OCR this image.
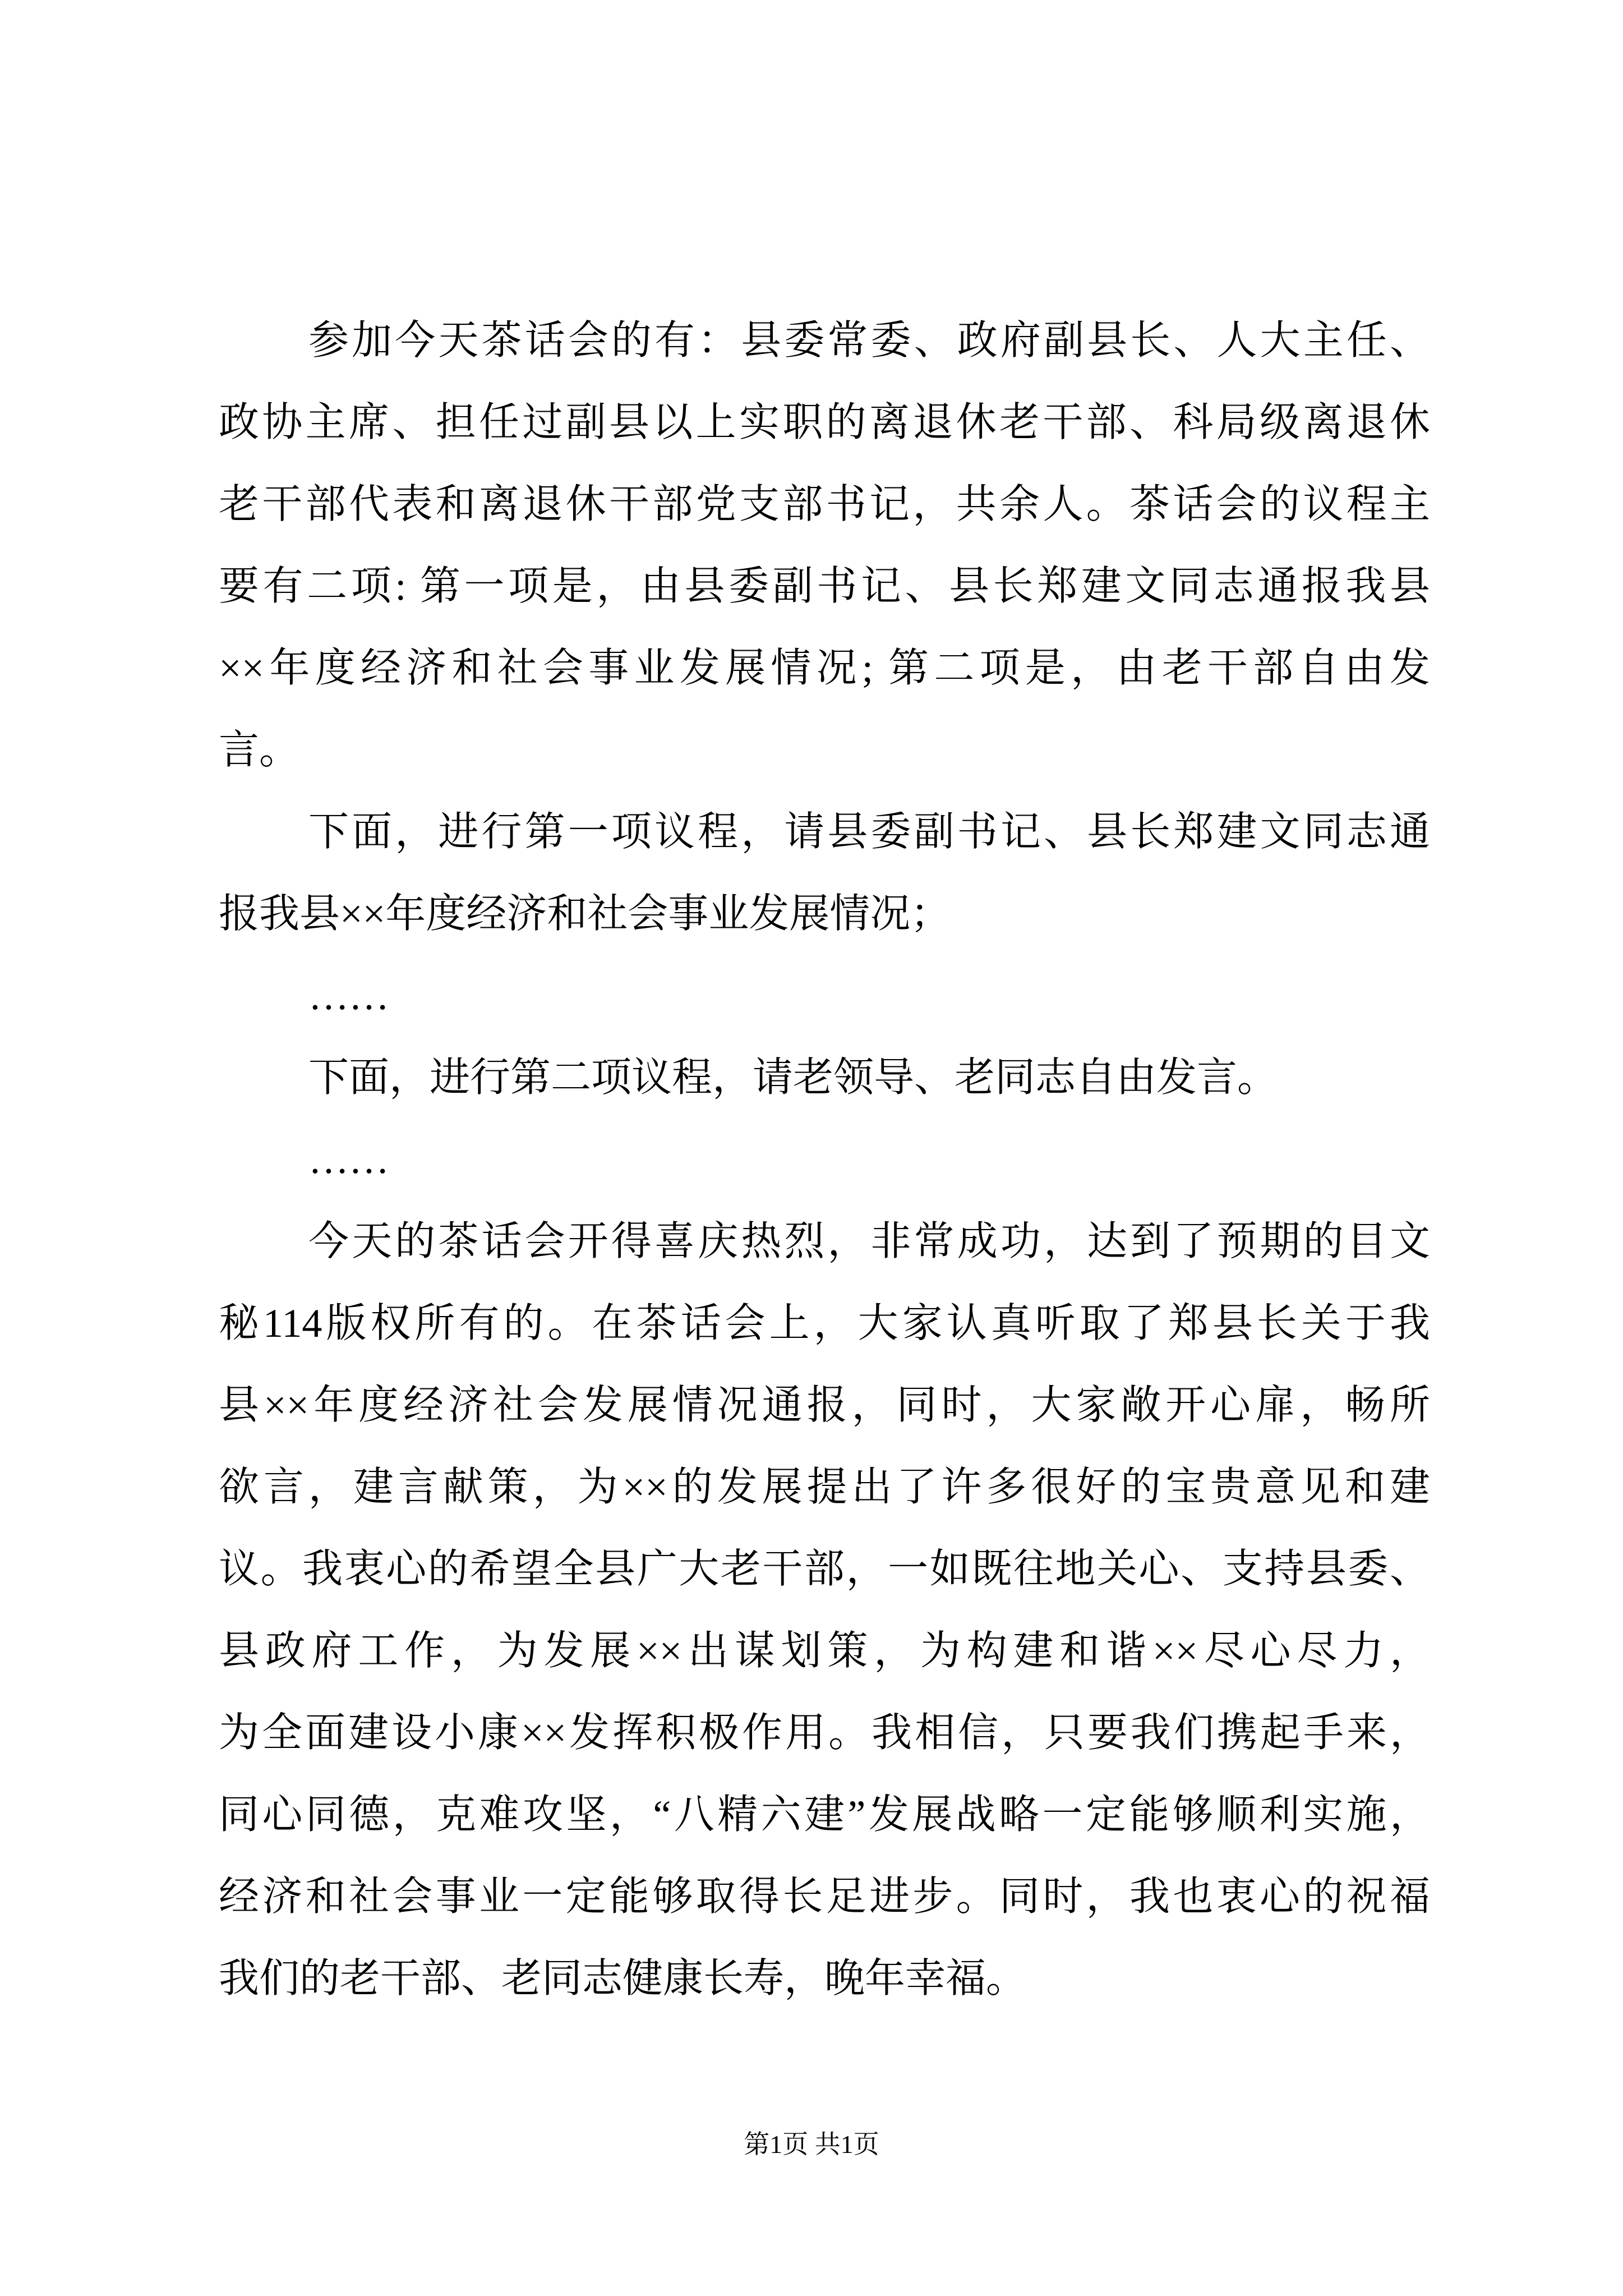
参加今天茶话会的有：县委常委、政府副县长、人大主任、
政协主席、担任过副县以上实职的离退休老干部、科局级离退休
老干部代表和离退休干部党支部书记，共余人。茶话会的议程主
要有二项: 第一项是，由县委副书记、县长郑建文同志通报我县
××年度经济和社会事业发展情况; 第二项是，由老干部自由发
言。
下面，进行第一项议程，请县委副书记、县长郑建文同志通
报我县××年度经济和社会事业发展情况；
……
下面，进行第二项议程，请老领导、老同志自由发言。
……
今天的茶话会开得喜庆热烈，非常成功，达到了预期的目文
秘114版权所有的。在茶话会上，大家认真听取了郑县长关于我
县××年度经济社会发展情况通报，同时，大家敞开心扉，畅所
欲言，建言献策，为××的发展提出了许多很好的宝贵意见和建
议。我衷心的希望全县广大老干部，一如既往地关心、支持县委、
县政府工作，为发展××出谋划策，为构建和谐××尽心尽力，
为全面建设小康××发挥积极作用。我相信，只要我们携起手来，
同心同德，克难攻坚，“八精六建”发展战略一定能够顺利实施，
经济和社会事业一定能够取得长足进步。同时，我也衷心的祝福
我们的老干部、老同志健康长寿，晚年幸福。
第1页 共1页
